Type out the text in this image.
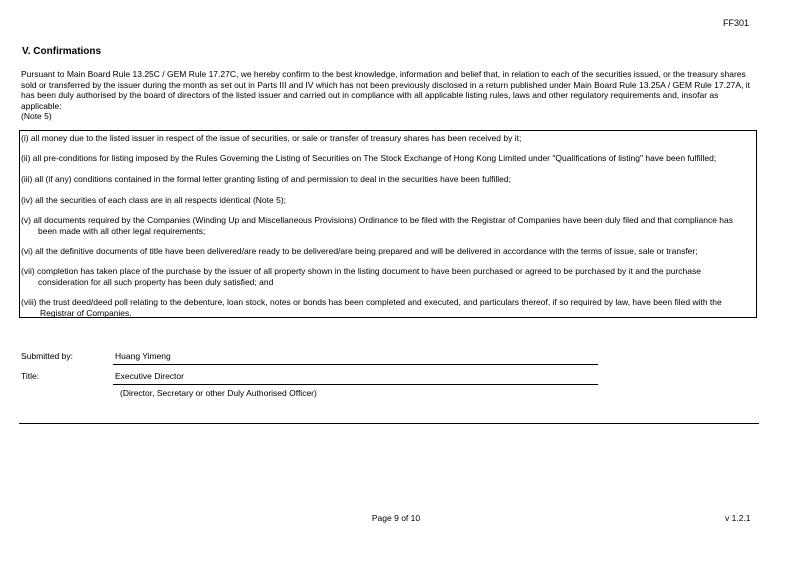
FF301
V. Confirmations

Pursuant to Main Board Rule 13.25C / GEM Rule 17.27C, we hereby confirm to the best knowledge, information and belief that, in relation to each of the securities issued, or the treasury shares sold or transferred by the issuer during the month as set out in Parts III and IV which has not been previously disclosed in a return published under Main Board Rule 13.25A / GEM Rule 17.27A, it has been duly authorised by the board of directors of the listed issuer and carried out in compliance with all applicable listing rules, laws and other regulatory requirements and, insofar as applicable:

(Note 5)

(i) all money due to the listed issuer in respect of the issue of securities, or sale or transfer of treasury shares has been received by it;
(ii) all pre-conditions for listing imposed by the Rules Governing the Listing of Securities on The Stock Exchange of Hong Kong Limited under "Qualifications of listing" have been fulfilled;
(iii) all (if any) conditions contained in the formal letter granting listing of and permission to deal in the securities have been fulfilled;
(iv) all the securities of each class are in all respects identical (Note 5);
(v) all documents required by the Companies (Winding Up and Miscellaneous Provisions) Ordinance to be filed with the Registrar of Companies have been duly filed and that compliance has
been made with all other legal requirements;
(vi) all the definitive documents of title have been delivered/are ready to be delivered/are being prepared and will be delivered in accordance with the terms of issue, sale or transfer;
(vii) completion has taken place of the purchase by the issuer of all property shown in the listing document to have been purchased or agreed to be purchased by it and the purchase
consideration for all such property has been duly satisfied; and
(viii) the trust deed/deed poll relating to the debenture, loan stock, notes or bonds has been completed and executed, and particulars thereof, if so required by law, have been filed with the
Registrar of Companies.
Submitted by:	Huang Yimeng
Title:	Executive Director
(Director, Secretary or other Duly Authorised Officer)
Page 9 of 10	v 1.2.1
